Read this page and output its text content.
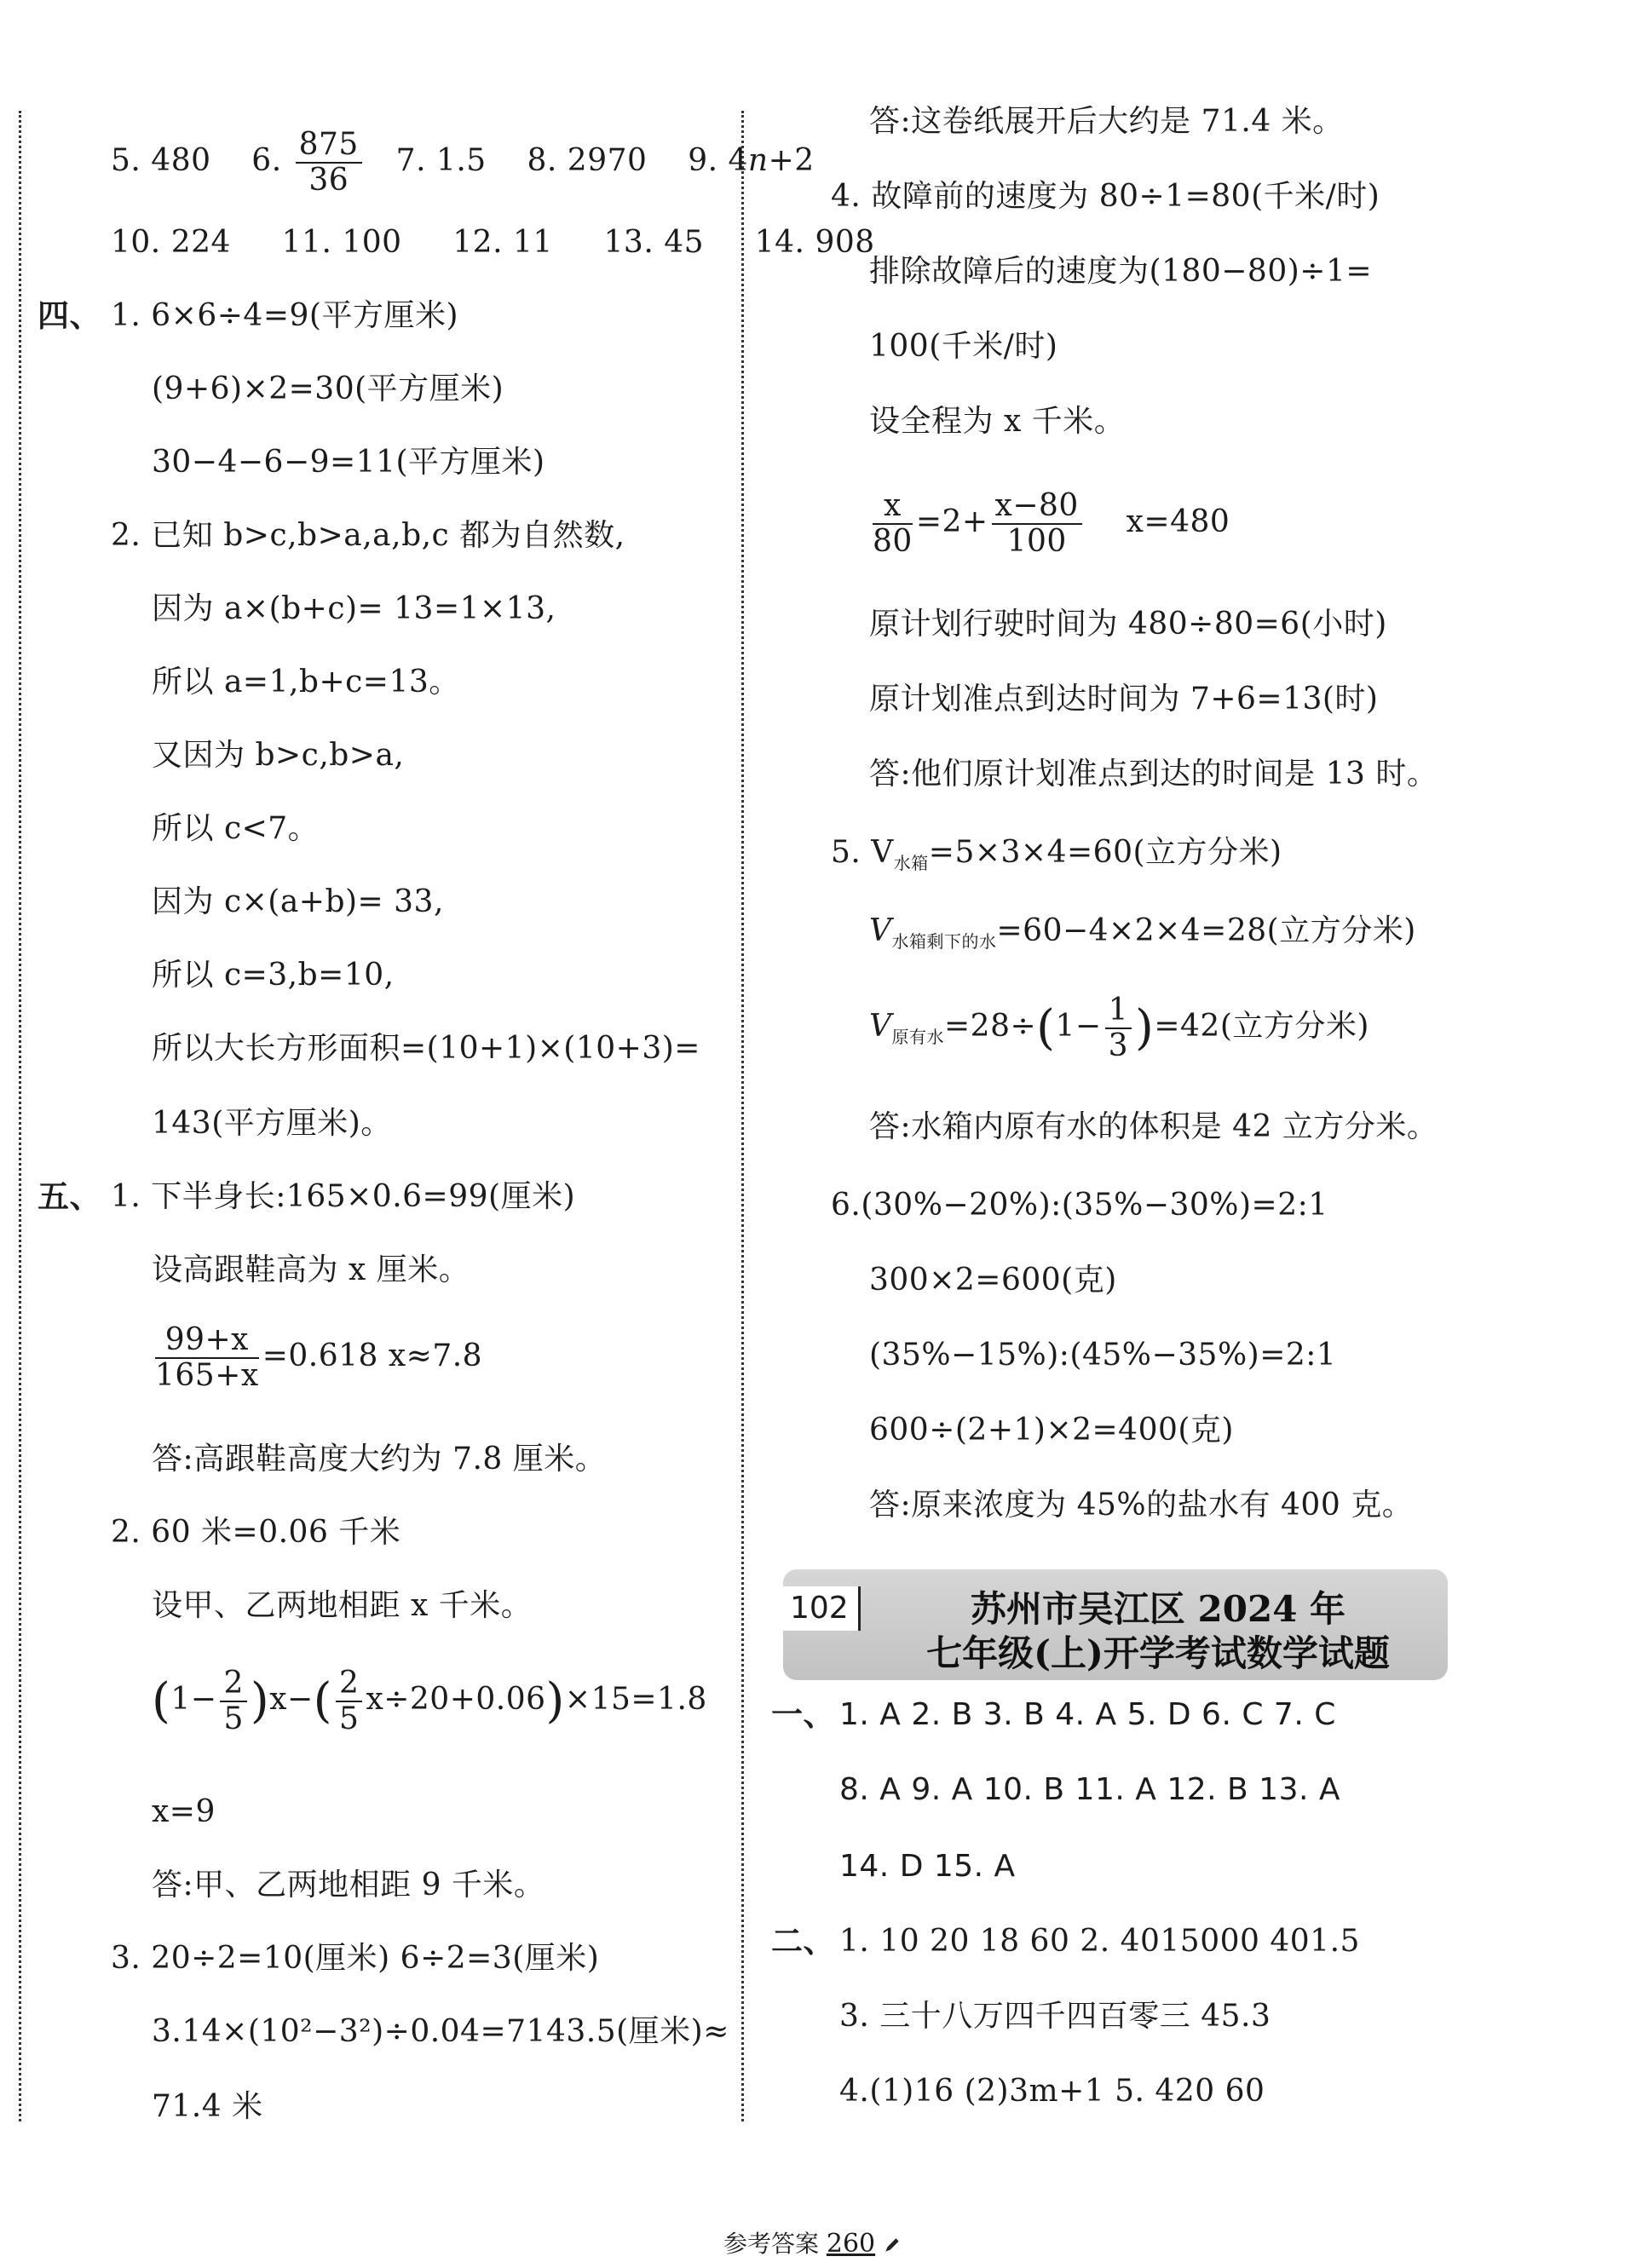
5. 480 6. $\frac{875}{36} 7$. 1.5 8. 2970 9. 4n+2
10. 224 11. 100 12. 11 13. 45 14. 908
四、 1. 6×6÷4=9(平方厘米)
(9+6)×2=30(平方厘米)
30−4−6−9=11(平方厘米)
2. 已知 b>c,b>a,a,b,c 都为自然数,
因为 a×(b+c)= 13=1×13,
所以 a=1,b+c=13。
又因为 b>c,b>a,
所以 c<7。
因为 c×(a+b)= 33,
所以 c=3,b=10,
所以大长方形面积=(10+1)×(10+3)=
143(平方厘米)。
五、 1. 下半身长:165×0.6=99(厘米)
设高跟鞋高为 x 厘米。
$\frac{99+x}{165+x} =0.618$ x≈7.8
答:高跟鞋高度大约为 7.8 厘米。
2. 60 米=0.06 千米
设甲、乙两地相距 x 千米。
$(1- \frac{2}{5} )x-( \frac{2}{5} x\div 20+0.06)\times 15=1.8$
x=9
答:甲、乙两地相距 9 千米。
3. 20÷2=10(厘米) 6÷2=3(厘米)
3.14×(10²−3²)÷0.04=7143.5(厘米)≈
71.4 米
答:这卷纸展开后大约是 71.4 米。
4. 故障前的速度为 80÷1=80(千米/时)
排除故障后的速度为(180−80)÷1=
100(千米/时)
设全程为 x 千米。
$\frac{x}{80} =2+ \frac{x-80}{100} x=480$
原计划行驶时间为 480÷80=6(小时)
原计划准点到达时间为 7+6=13(时)
答:他们原计划准点到达的时间是 13 时。
5. $V_{水箱}=5\times 3\times 4=60$(立方分米)
$V_{水箱剩下的水}=60-4\times 2\times 4=28$(立方分米)
$V_{原有水}=28\div(1- \frac{1}{3} )=42$(立方分米)
答:水箱内原有水的体积是 42 立方分米。
6.(30%−20%):(35%−30%)=2:1
300×2=600(克)
(35%−15%):(45%−35%)=2:1
600÷(2+1)×2=400(克)
答:原来浓度为 45%的盐水有 400 克。
一、 1. A 2. B 3. B 4. A 5. D 6. C 7. C
8. A 9. A 10. B 11. A 12. B 13. A
14. D 15. A
二、 1. 10 20 18 60 2. 4015000 401.5
3. 三十八万四千四百零三 45.3
4.(1)16 (2)3m+1 5. 420 60
102	苏州市吴江区 2024 年
七年级(上)开学考试数学试题
参考答案 260
